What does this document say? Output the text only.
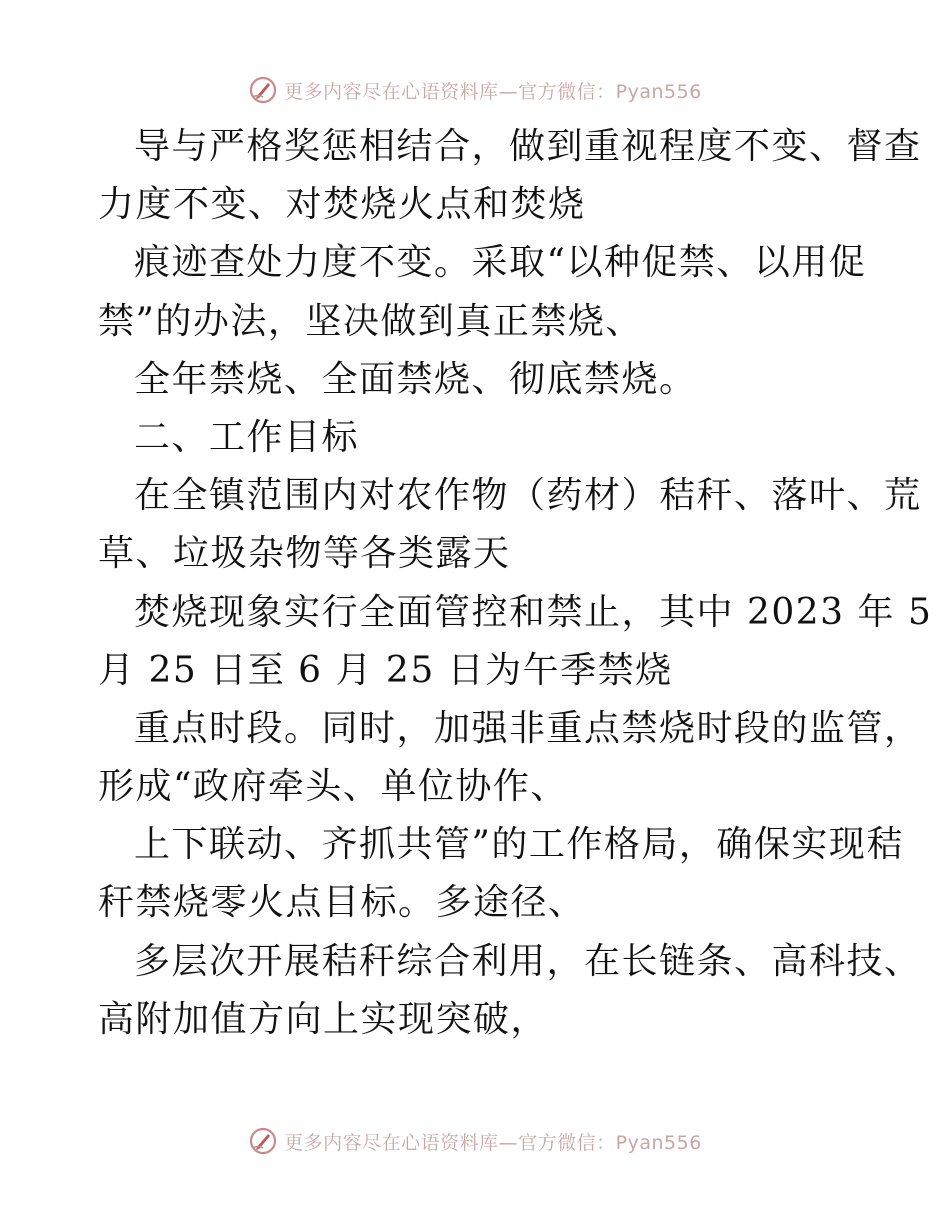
更多内容尽在心语资料库—官方微信：Pyan556
导与严格奖惩相结合，做到重视程度不变、督查
力度不变、对焚烧火点和焚烧
痕迹查处力度不变。采取“以种促禁、以用促
禁”的办法，坚决做到真正禁烧、
全年禁烧、全面禁烧、彻底禁烧。
二、工作目标
在全镇范围内对农作物（药材）秸秆、落叶、荒
草、垃圾杂物等各类露天
焚烧现象实行全面管控和禁止，其中 2023 年 5
月 25 日至 6 月 25 日为午季禁烧
重点时段。同时，加强非重点禁烧时段的监管，
形成“政府牵头、单位协作、
上下联动、齐抓共管”的工作格局，确保实现秸
秆禁烧零火点目标。多途径、
多层次开展秸秆综合利用，在长链条、高科技、
高附加值方向上实现突破，
更多内容尽在心语资料库—官方微信：Pyan556
